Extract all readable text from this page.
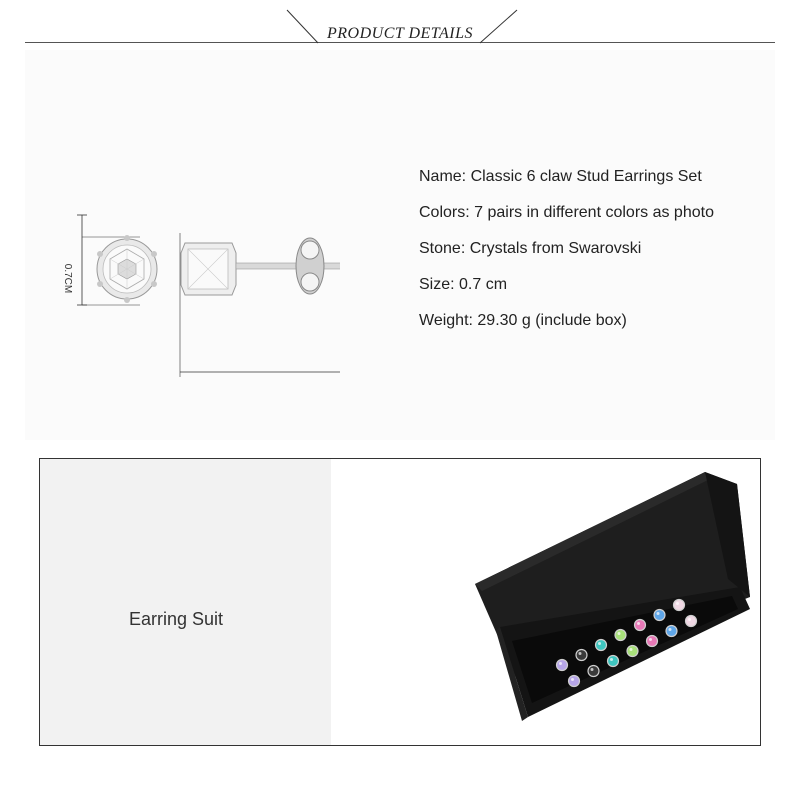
PRODUCT DETAILS
0.7CM
Name: Classic 6 claw Stud Earrings Set
Colors: 7 pairs in different colors as photo
Stone: Crystals from Swarovski
Size: 0.7 cm
Weight: 29.30 g (include box)
Earring Suit
